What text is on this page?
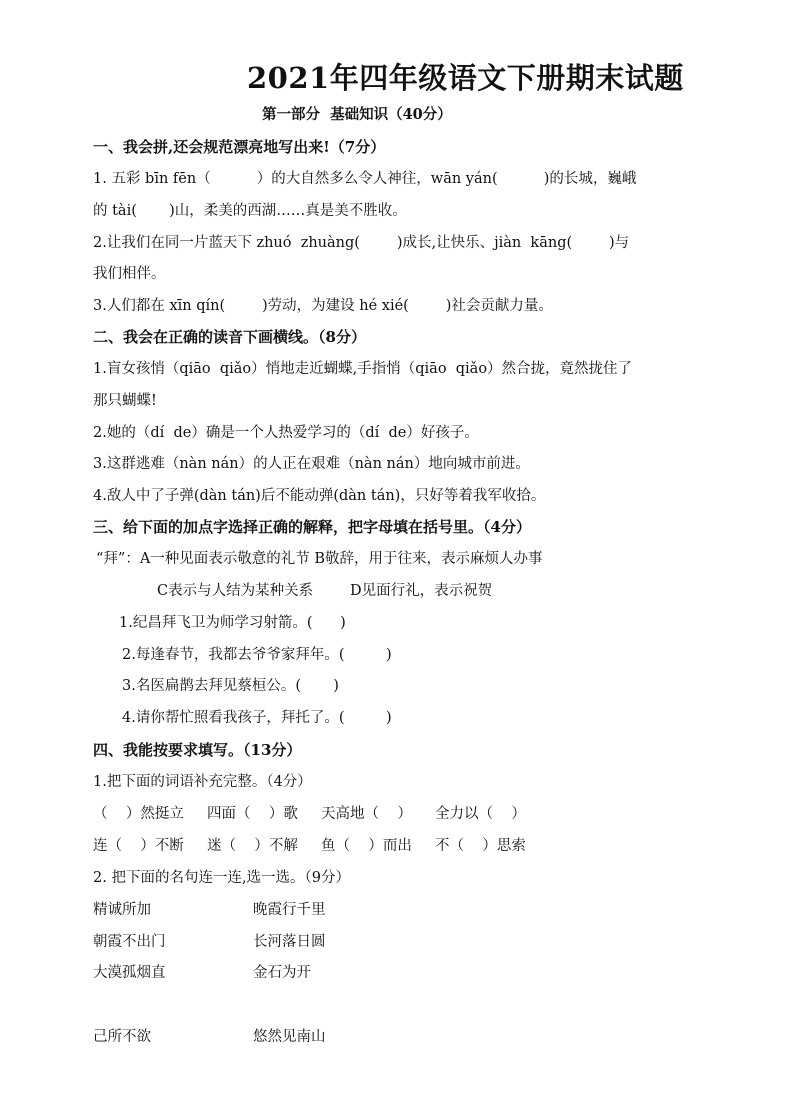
2021年四年级语文下册期末试题
第一部分  基础知识（40分）
一、我会拼,还会规范漂亮地写出来!（7分）
1. 五彩 bīn fēn（          ）的大自然多么令人神往，wān yán(          )的长城，巍峨
的 tài(       )山，柔美的西湖……真是美不胜收。
2.让我们在同一片蓝天下 zhuó  zhuàng(        )成长,让快乐、jiàn  kāng(        )与
我们相伴。
3.人们都在 xīn qín(        )劳动，为建设 hé xié(        )社会贡献力量。
二、我会在正确的读音下画横线。（8分）
1.盲女孩悄（qiāo  qiǎo）悄地走近蝴蝶,手指悄（qiāo  qiǎo）然合拢，竟然拢住了
那只蝴蝶!
2.她的（dí  de）确是一个人热爱学习的（dí  de）好孩子。
3.这群逃难（nàn nán）的人正在艰难（nàn nán）地向城市前进。
4.敌人中了子弹(dàn tán)后不能动弹(dàn tán)，只好等着我军收拾。
三、给下面的加点字选择正确的解释，把字母填在括号里。（4分）
“拜”：A一种见面表示敬意的礼节 B敬辞，用于往来，表示麻烦人办事
C表示与人结为某种关系        D见面行礼，表示祝贺
1.纪昌拜飞卫为师学习射箭。(      )
2.每逢春节，我都去爷爷家拜年。(         )
3.名医扁鹊去拜见蔡桓公。(       )
4.请你帮忙照看我孩子，拜托了。(         )
四、我能按要求填写。（13分）
1.把下面的词语补充完整。（4分）
（    ）然挺立     四面（    ）歌     天高地（    ）     全力以（    ）
连（    ）不断     迷（    ）不解     鱼（    ）而出     不（    ）思索
2. 把下面的名句连一连,选一选。（9分）
精诚所加	晚霞行千里
朝霞不出门	长河落日圆
大漠孤烟直	金石为开
己所不欲	悠然见南山
